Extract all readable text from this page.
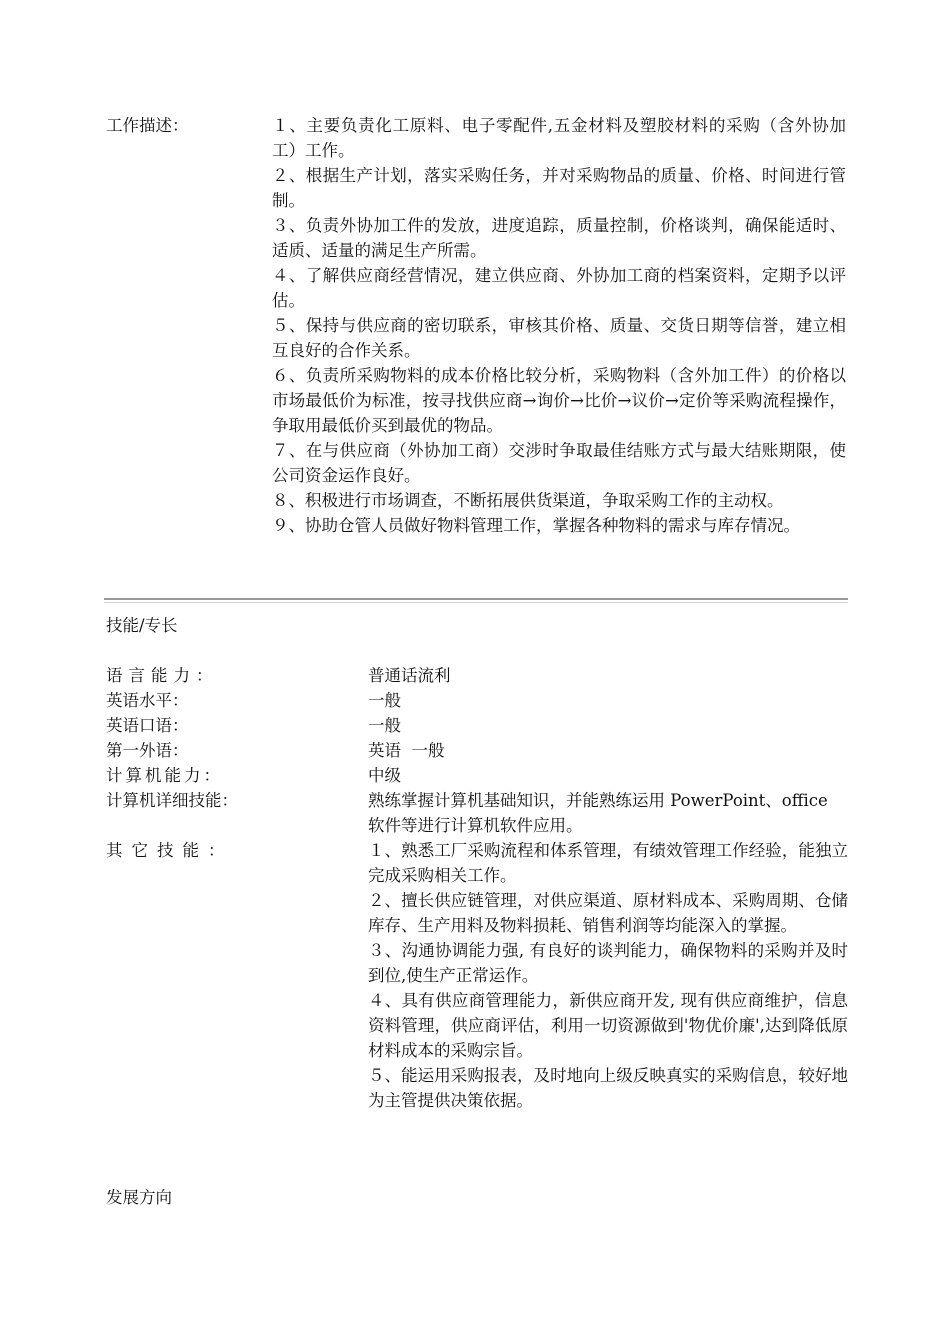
工作描述：	１、主要负责化工原料、电子零配件,五金材料及塑胶材料的采购（含外协加工）工作。
２、根据生产计划，落实采购任务，并对采购物品的质量、价格、时间进行管制。
３、负责外协加工件的发放，进度追踪，质量控制，价格谈判，确保能适时、适质、适量的满足生产所需。
４、了解供应商经营情况，建立供应商、外协加工商的档案资料，定期予以评估。
５、保持与供应商的密切联系，审核其价格、质量、交货日期等信誉，建立相互良好的合作关系。
６、负责所采购物料的成本价格比较分析，采购物料（含外加工件）的价格以市场最低价为标准，按寻找供应商→询价→比价→议价→定价等采购流程操作，争取用最低价买到最优的物品。
７、在与供应商（外协加工商）交涉时争取最佳结账方式与最大结账期限，使公司资金运作良好。
８、积极进行市场调查，不断拓展供货渠道，争取采购工作的主动权。
９、协助仓管人员做好物料管理工作，掌握各种物料的需求与库存情况。
技能/专长
语言能力：	普通话流利
英语水平：	一般
英语口语：	一般
第一外语：	英语  一般
计算机能力：	中级
计算机详细技能：	熟练掌握计算机基础知识，并能熟练运用 PowerPoint、office 软件等进行计算机软件应用。
其它技能：	１、熟悉工厂采购流程和体系管理，有绩效管理工作经验，能独立完成采购相关工作。
２、擅长供应链管理，对供应渠道、原材料成本、采购周期、仓储库存、生产用料及物料损耗、销售利润等均能深入的掌握。
３、沟通协调能力强, 有良好的谈判能力，确保物料的采购并及时到位,使生产正常运作。
４、具有供应商管理能力，新供应商开发, 现有供应商维护，信息资料管理，供应商评估，利用一切资源做到'物优价廉',达到降低原材料成本的采购宗旨。
５、能运用采购报表，及时地向上级反映真实的采购信息，较好地为主管提供决策依据。
发展方向
